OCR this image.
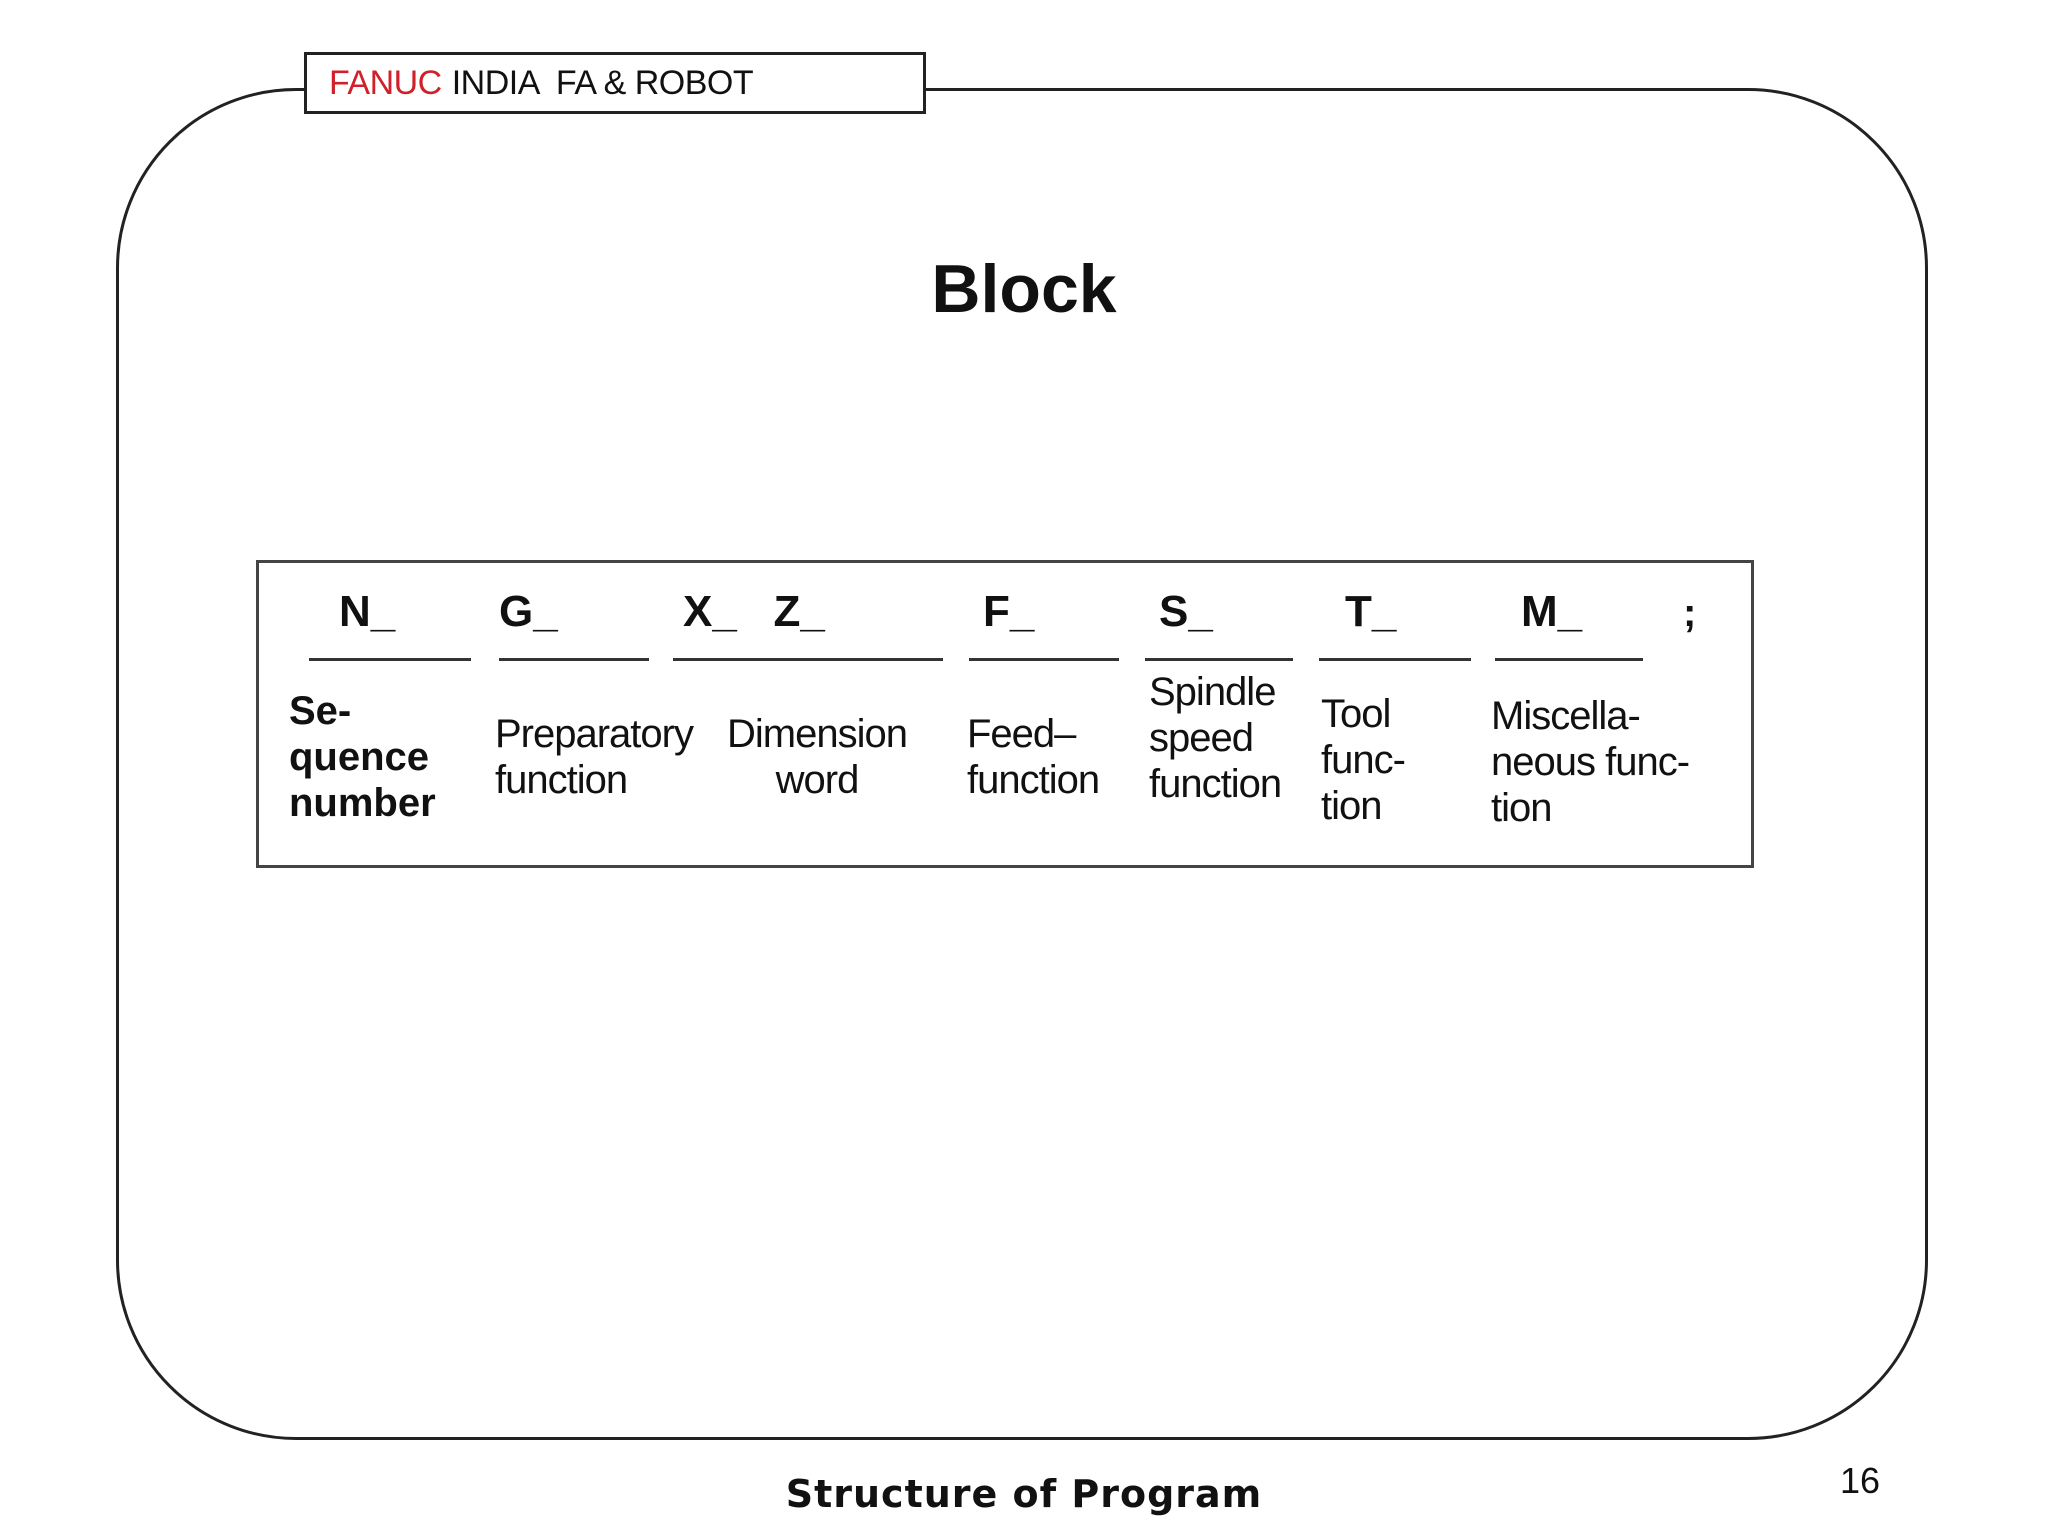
FANUC INDIA  FA & ROBOT
Block
N_
Se-
quence
number
G_
Preparatory
function
X_   Z_
Dimension
word
F_
Feed–
function
S_
Spindle
speed
function
T_
Tool
func-
tion
M_
Miscella-
neous func-
tion
;
Structure of Program	16
